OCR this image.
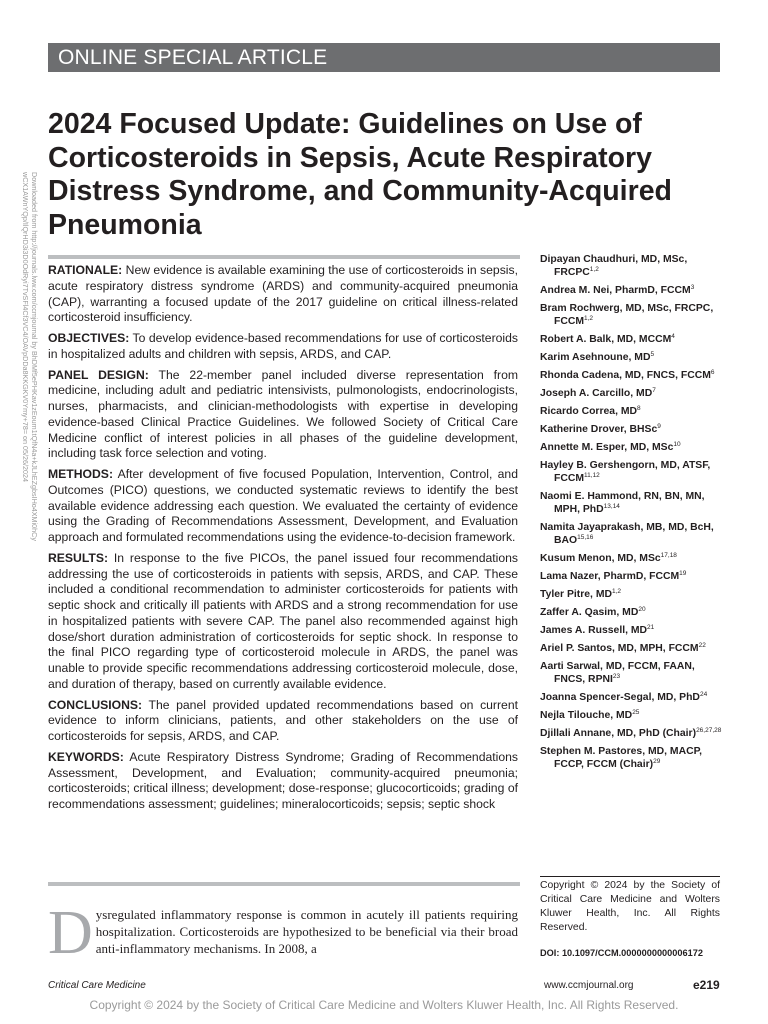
ONLINE SPECIAL ARTICLE
2024 Focused Update: Guidelines on Use of Corticosteroids in Sepsis, Acute Respiratory Distress Syndrome, and Community-Acquired Pneumonia
Downloaded from http://journals.lww.com/ccmjournal by BhDMf5ePHKav1zEoum1tQfN4a+kJLhEZgbsIHo4XMi0hCy
wCX1AWnYQp/IlQrHD3i3D0OdRyi7TvSFl4Cf3VC4/OAVpDDa8KKGKV0Ymy+78= on 05/26/2024 RATIONALE: New evidence is available examining the use of corticosteroids in sepsis, acute respiratory distress syndrome (ARDS) and community-acquired pneumonia (CAP), warranting a focused update of the 2017 guideline on critical illness-related corticosteroid insufficiency.

OBJECTIVES: To develop evidence-based recommendations for use of corticosteroids in hospitalized adults and children with sepsis, ARDS, and CAP.

PANEL DESIGN: The 22-member panel included diverse representation from medicine, including adult and pediatric intensivists, pulmonologists, endocrinologists, nurses, pharmacists, and clinician-methodologists with expertise in developing evidence-based Clinical Practice Guidelines. We followed Society of Critical Care Medicine conflict of interest policies in all phases of the guideline development, including task force selection and voting.

METHODS: After development of five focused Population, Intervention, Control, and Outcomes (PICO) questions, we conducted systematic reviews to identify the best available evidence addressing each question. We evaluated the certainty of evidence using the Grading of Recommendations Assessment, Development, and Evaluation approach and formulated recommendations using the evidence-to-decision framework.

RESULTS: In response to the five PICOs, the panel issued four recommendations addressing the use of corticosteroids in patients with sepsis, ARDS, and CAP. These included a conditional recommendation to administer corticosteroids for patients with septic shock and critically ill patients with ARDS and a strong recommendation for use in hospitalized patients with severe CAP. The panel also recommended against high dose/short duration administration of corticosteroids for septic shock. In response to the final PICO regarding type of corticosteroid molecule in ARDS, the panel was unable to provide specific recommendations addressing corticosteroid molecule, dose, and duration of therapy, based on currently available evidence.

CONCLUSIONS: The panel provided updated recommendations based on current evidence to inform clinicians, patients, and other stakeholders on the use of corticosteroids for sepsis, ARDS, and CAP.

KEYWORDS: Acute Respiratory Distress Syndrome; Grading of Recommendations Assessment, Development, and Evaluation; community-acquired pneumonia; corticosteroids; critical illness; development; dose-response; glucocorticoids; grading of recommendations assessment; guidelines; mineralocorticoids; sepsis; septic shock

Dipayan Chaudhuri, MD, MSc, FRCPC$^{1,2}$
Andrea M. Nei, PharmD, FCCM$^3$
Bram Rochwerg, MD, MSc, FRCPC, FCCM$^{1,2}$
Robert A. Balk, MD, MCCM$^4$
Karim Asehnoune, $MD^5$
Rhonda Cadena, MD, FNCS, FCCM$^6$
Joseph A. Carcillo, $MD^7$
Ricardo Correa, $MD^8$
Katherine Drover, BHSc$^9$
Annette M. Esper, MD, MSc$^{10}$
Hayley B. Gershengorn, MD, ATSF, FCCM$^{11,12}$
Naomi E. Hammond, RN, BN, MN, MPH, PhD$^{13,14}$
Namita Jayaprakash, MB, MD, BcH, BAO$^{15,16}$
Kusum Menon, MD, MSc$^{17,18}$
Lama Nazer, PharmD, FCCM$^{19}$
Tyler Pitre, MD$^{1,2}$
Zaffer A. Qasim, MD$^{20}$
James A. Russell, MD$^{21}$
Ariel P. Santos, MD, MPH, FCCM$^{22}$
Aarti Sarwal, MD, FCCM, FAAN, FNCS, RPNI$^{23}$
Joanna Spencer-Segal, MD, PhD$^{24}$
Nejla Tilouche, MD$^{25}$
Djillali Annane, MD, PhD (Chair)$^{26,27,28}$
Stephen M. Pastores, MD, MACP, FCCP, FCCM (Chair)$^{29}$
Copyright © 2024 by the Society of Critical Care Medicine and Wolters Kluwer Health, Inc. All Rights Reserved.
DOI: 10.1097/CCM.0000000000006172
Dysregulated inflammatory response is common in acutely ill patients requiring hospitalization. Corticosteroids are hypothesized to be beneficial via their broad anti-inflammatory mechanisms. In 2008, a
Critical Care Medicine	www.ccmjournal.org	e219
Copyright © 2024 by the Society of Critical Care Medicine and Wolters Kluwer Health, Inc. All Rights Reserved.
